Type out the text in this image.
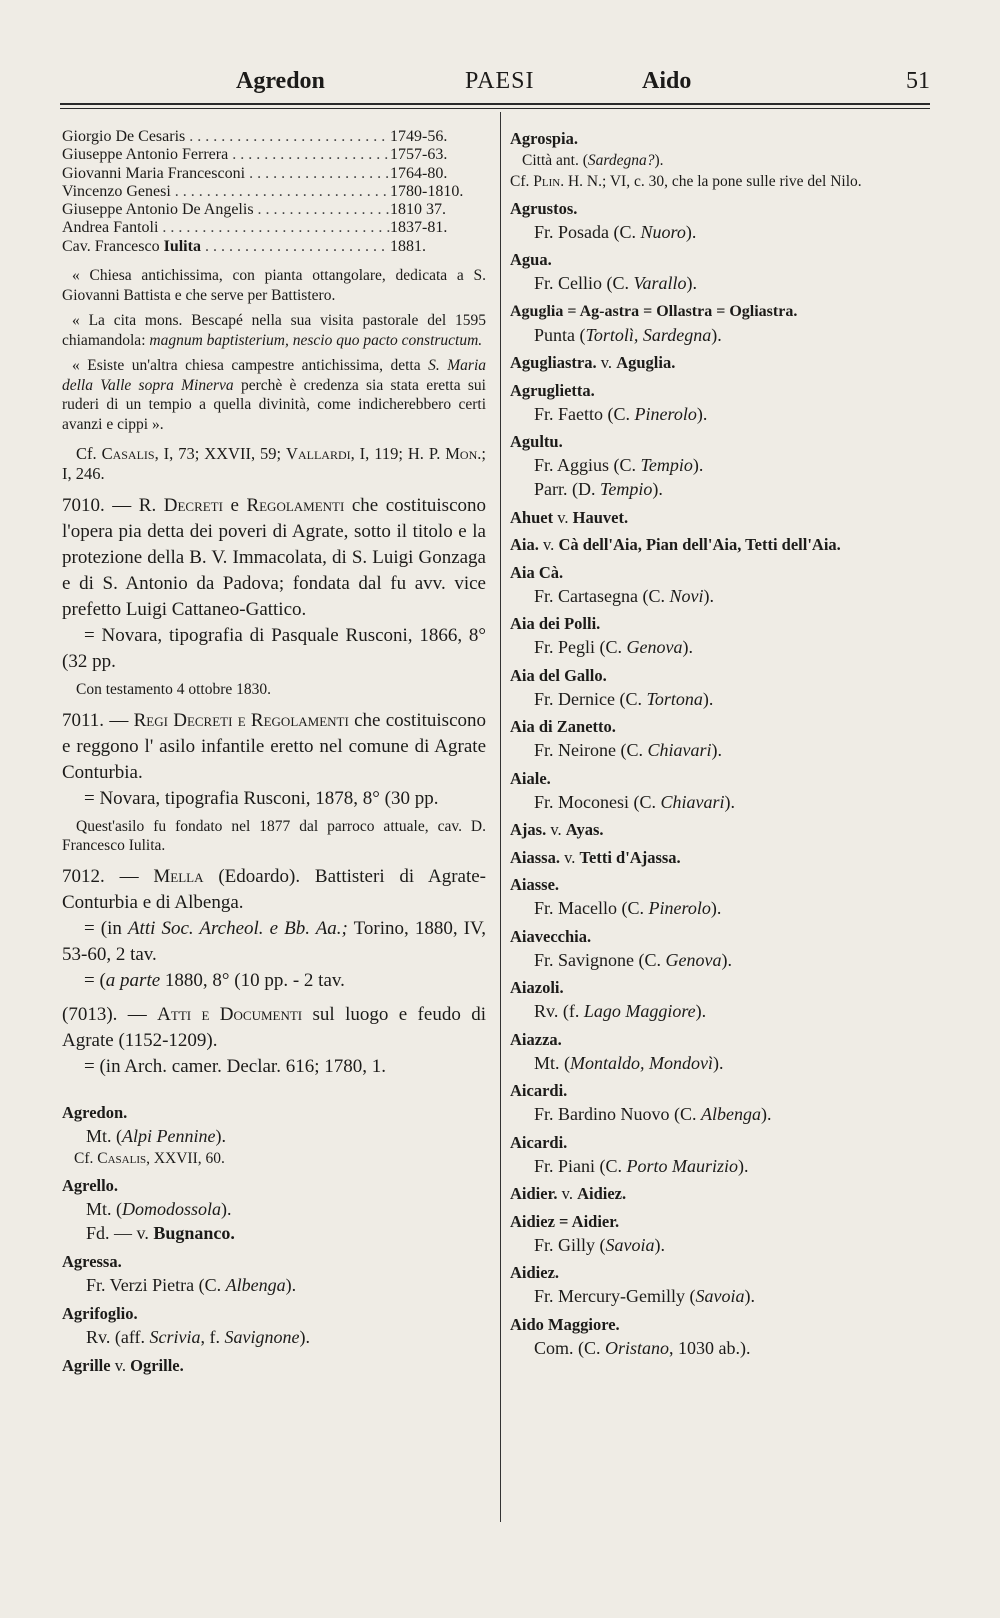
Agredon	PAESI	Aido	51
Giorgio De Cesaris . . .	1749-56.
Giuseppe Antonio Ferrera . . .	1757-63.
Giovanni Maria Francesconi . . .	1764-80.
Vincenzo Genesi . . .	1780-1810.
Giuseppe Antonio De Angelis . . .	1810 37.
Andrea Fantoli . . .	1837-81.
Cav. Francesco Iulita . . .	1881.

« Chiesa antichissima, con pianta ottangolare, dedicata a S. Giovanni Battista e che serve per Battistero.

« La cita mons. Bescapé nella sua visita pastorale del 1595 chiamandola: magnum baptisterium, nescio quo pacto constructum.

« Esiste un'altra chiesa campestre antichissima, detta S. Maria della Valle sopra Minerva perchè è credenza sia stata eretta sui ruderi di un tempio a quella divinità, come indicherebbero certi avanzi e cippi ».

Cf. Casalis, I, 73; XXVII, 59; Vallardi, I, 119; H. P. Mon.; I, 246.

7010. — R. Decreti e Regolamenti che costituiscono l'opera pia detta dei poveri di Agrate, sotto il titolo e la protezione della B. V. Immacolata, di S. Luigi Gonzaga e di S. Antonio da Padova; fondata dal fu avv. vice prefetto Luigi Cattaneo-Gattico.

= Novara, tipografia di Pasquale Rusconi, 1866, 8° (32 pp.

Con testamento 4 ottobre 1830.

7011. — Regi Decreti e Regolamenti che costituiscono e reggono l' asilo infantile eretto nel comune di Agrate Conturbia.

= Novara, tipografia Rusconi, 1878, 8° (30 pp.

Quest'asilo fu fondato nel 1877 dal parroco attuale, cav. D. Francesco Iulita.

7012. — Mella (Edoardo). Battisteri di Agrate-Conturbia e di Albenga.

= (in Atti Soc. Archeol. e Bb. Aa.; Torino, 1880, IV, 53-60, 2 tav.

= (a parte 1880, 8° (10 pp. - 2 tav.

(7013). — Atti e Documenti sul luogo e feudo di Agrate (1152-1209).

= (in Arch. camer. Declar. 616; 1780, 1.

Agredon.

Mt. (Alpi Pennine).

Cf. Casalis, XXVII, 60.

Agrello.

Mt. (Domodossola).

Fd. — v. Bugnanco.

Agressa.

Fr. Verzi Pietra (C. Albenga).

Agrifoglio.

Rv. (aff. Scrivia, f. Savignone).

Agrille v. Ogrille.

Agrospia.

Città ant. (Sardegna?).

Cf. Plin. H. N.; VI, c. 30, che la pone sulle rive del Nilo.

Agrustos.

Fr. Posada (C. Nuoro).

Agua.

Fr. Cellio (C. Varallo).

Aguglia = Ag-astra = Ollastra = Ogliastra.

Punta (Tortolì, Sardegna).

Agugliastra. v. Aguglia.

Agruglietta.

Fr. Faetto (C. Pinerolo).

Agultu.

Fr. Aggius (C. Tempio).

Parr. (D. Tempio).

Ahuet v. Hauvet.

Aia. v. Cà dell'Aia, Pian dell'Aia, Tetti dell'Aia.

Aia Cà.

Fr. Cartasegna (C. Novi).

Aia dei Polli.

Fr. Pegli (C. Genova).

Aia del Gallo.

Fr. Dernice (C. Tortona).

Aia di Zanetto.

Fr. Neirone (C. Chiavari).

Aiale.

Fr. Moconesi (C. Chiavari).

Ajas. v. Ayas.

Aiassa. v. Tetti d'Ajassa.

Aiasse.

Fr. Macello (C. Pinerolo).

Aiavecchia.

Fr. Savignone (C. Genova).

Aiazoli.

Rv. (f. Lago Maggiore).

Aiazza.

Mt. (Montaldo, Mondovì).

Aicardi.

Fr. Bardino Nuovo (C. Albenga).

Aicardi.

Fr. Piani (C. Porto Maurizio).

Aidier. v. Aidiez.

Aidiez = Aidier.

Fr. Gilly (Savoia).

Aidiez.

Fr. Mercury-Gemilly (Savoia).

Aido Maggiore.

Com. (C. Oristano, 1030 ab.).
